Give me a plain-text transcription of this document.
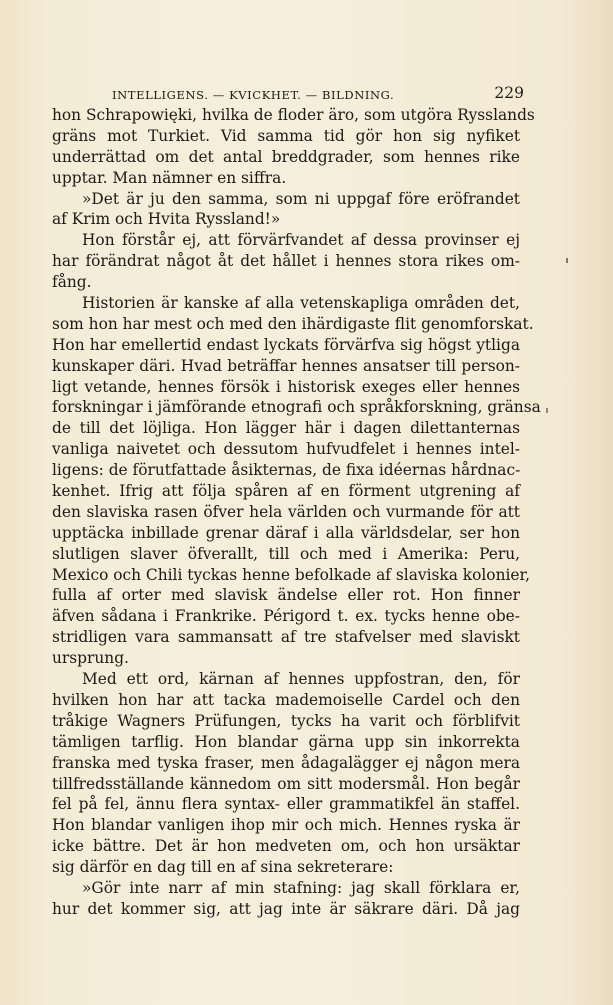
INTELLIGENS. — KVICKHET. — BILDNING.	229
hon Schrapowięki, hvilka de floder äro, som utgöra Rysslands
gräns mot Turkiet. Vid samma tid gör hon sig nyfiket
underrättad om det antal breddgrader, som hennes rike
upptar. Man nämner en siffra.
»Det är ju den samma, som ni uppgaf före eröfrandet
af Krim och Hvita Ryssland!»
Hon förstår ej, att förvärfvandet af dessa provinser ej
har förändrat något åt det hållet i hennes stora rikes om-
fång.
Historien är kanske af alla vetenskapliga områden det,
som hon har mest och med den ihärdigaste flit genomforskat.
Hon har emellertid endast lyckats förvärfva sig högst ytliga
kunskaper däri. Hvad beträffar hennes ansatser till person-
ligt vetande, hennes försök i historisk exeges eller hennes
forskningar i jämförande etnografi och språkforskning, gränsa
de till det löjliga. Hon lägger här i dagen dilettanternas
vanliga naivetet och dessutom hufvudfelet i hennes intel-
ligens: de förutfattade åsikternas, de fixa idéernas hårdnac-
kenhet. Ifrig att följa spåren af en förment utgrening af
den slaviska rasen öfver hela världen och vurmande för att
upptäcka inbillade grenar däraf i alla världsdelar, ser hon
slutligen slaver öfverallt, till och med i Amerika: Peru,
Mexico och Chili tyckas henne befolkade af slaviska kolonier,
fulla af orter med slavisk ändelse eller rot. Hon finner
äfven sådana i Frankrike. Périgord t. ex. tycks henne obe-
stridligen vara sammansatt af tre stafvelser med slaviskt
ursprung.
Med ett ord, kärnan af hennes uppfostran, den, för
hvilken hon har att tacka mademoiselle Cardel och den
tråkige Wagners Prüfungen, tycks ha varit och förblifvit
tämligen tarflig. Hon blandar gärna upp sin inkorrekta
franska med tyska fraser, men ådagalägger ej någon mera
tillfredsställande kännedom om sitt modersmål. Hon begår
fel på fel, ännu flera syntax- eller grammatikfel än staffel.
Hon blandar vanligen ihop mir och mich. Hennes ryska är
icke bättre. Det är hon medveten om, och hon ursäktar
sig därför en dag till en af sina sekreterare:
»Gör inte narr af min stafning: jag skall förklara er,
hur det kommer sig, att jag inte är säkrare däri. Då jag
